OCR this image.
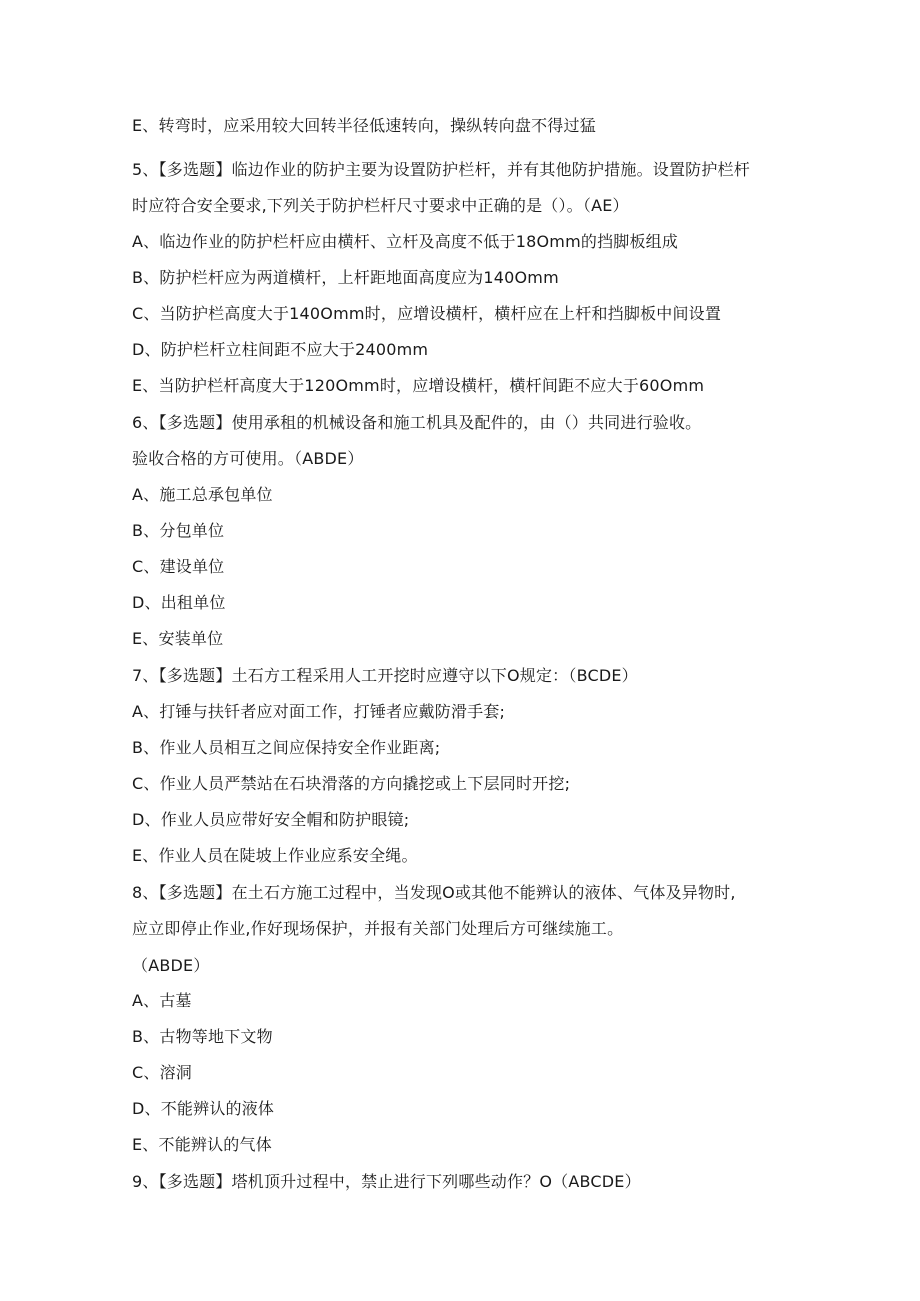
E、转弯时，应采用较大回转半径低速转向，操纵转向盘不得过猛
5、【多选题】临边作业的防护主要为设置防护栏杆，并有其他防护措施。设置防护栏杆
时应符合安全要求,下列关于防护栏杆尺寸要求中正确的是（）。（AE）
A、临边作业的防护栏杆应由横杆、立杆及高度不低于18Omm的挡脚板组成
B、防护栏杆应为两道横杆，上杆距地面高度应为140Omm
C、当防护栏高度大于140Omm时，应增设横杆，横杆应在上杆和挡脚板中间设置
D、防护栏杆立柱间距不应大于2400mm
E、当防护栏杆高度大于120Omm时，应增设横杆，横杆间距不应大于60Omm
6、【多选题】使用承租的机械设备和施工机具及配件的，由（）共同进行验收。
验收合格的方可使用。（ABDE）
A、施工总承包单位
B、分包单位
C、建设单位
D、出租单位
E、安装单位
7、【多选题】土石方工程采用人工开挖时应遵守以下O规定：（BCDE）
A、打锤与扶钎者应对面工作，打锤者应戴防滑手套;
B、作业人员相互之间应保持安全作业距离;
C、作业人员严禁站在石块滑落的方向撬挖或上下层同时开挖;
D、作业人员应带好安全帽和防护眼镜;
E、作业人员在陡坡上作业应系安全绳。
8、【多选题】在土石方施工过程中，当发现O或其他不能辨认的液体、气体及异物时,
应立即停止作业,作好现场保护，并报有关部门处理后方可继续施工。
（ABDE）
A、古墓
B、古物等地下文物
C、溶洞
D、不能辨认的液体
E、不能辨认的气体
9、【多选题】塔机顶升过程中，禁止进行下列哪些动作？O（ABCDE）
